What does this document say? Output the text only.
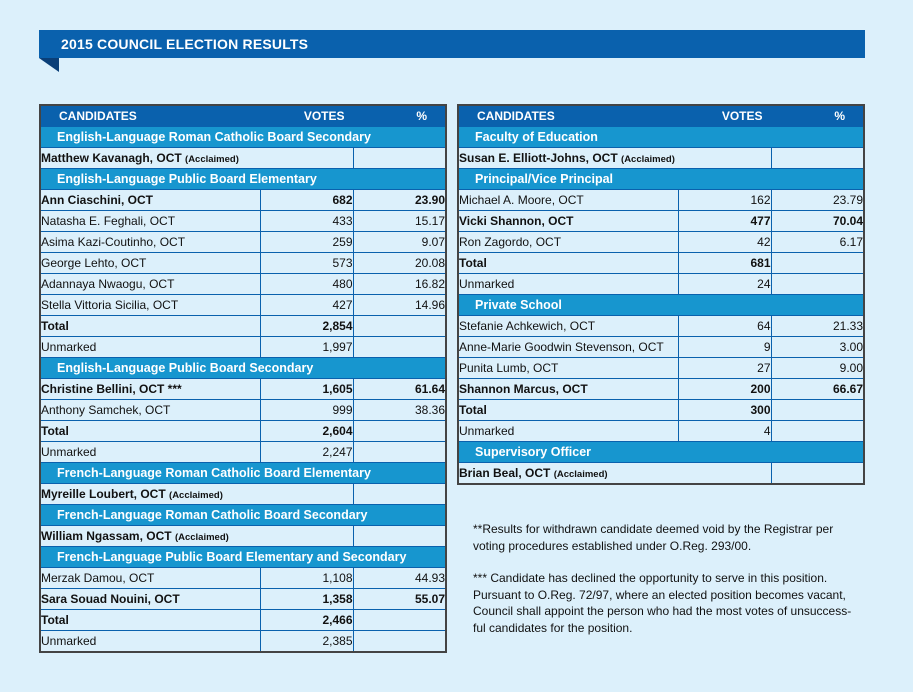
2015 COUNCIL ELECTION RESULTS
CANDIDATES	VOTES	%
English-Language Roman Catholic Board Secondary		
Matthew Kavanagh, OCT (Acclaimed)		
English-Language Public Board Elementary		
Ann Ciaschini, OCT	682	23.90
Natasha E. Feghali, OCT	433	15.17
Asima Kazi-Coutinho, OCT	259	9.07
George Lehto, OCT	573	20.08
Adannaya Nwaogu, OCT	480	16.82
Stella Vittoria Sicilia, OCT	427	14.96
Total	2,854	
Unmarked	1,997	
English-Language Public Board Secondary		
Christine Bellini, OCT ***	1,605	61.64
Anthony Samchek, OCT	999	38.36
Total	2,604	
Unmarked	2,247	
French-Language Roman Catholic Board Elementary		
Myreille Loubert, OCT (Acclaimed)		
French-Language Roman Catholic Board Secondary		
William Ngassam, OCT (Acclaimed)		
French-Language Public Board Elementary and Secondary		
Merzak Damou, OCT	1,108	44.93
Sara Souad Nouini, OCT	1,358	55.07
Total	2,466	
Unmarked	2,385	
CANDIDATES	VOTES	%
Faculty of Education		
Susan E. Elliott-Johns, OCT (Acclaimed)		
Principal/Vice Principal		
Michael A. Moore, OCT	162	23.79
Vicki Shannon, OCT	477	70.04
Ron Zagordo, OCT	42	6.17
Total	681	
Unmarked	24	
Private School		
Stefanie Achkewich, OCT	64	21.33
Anne-Marie Goodwin Stevenson, OCT	9	3.00
Punita Lumb, OCT	27	9.00
Shannon Marcus, OCT	200	66.67
Total	300	
Unmarked	4	
Supervisory Officer		
Brian Beal, OCT (Acclaimed)		
**Results for withdrawn candidate deemed void by the Registrar per
voting procedures established under O.Reg. 293/00.
*** Candidate has declined the opportunity to serve in this position.
Pursuant to O.Reg. 72/97, where an elected position becomes vacant,
Council shall appoint the person who had the most votes of unsuccess-
ful candidates for the position.
